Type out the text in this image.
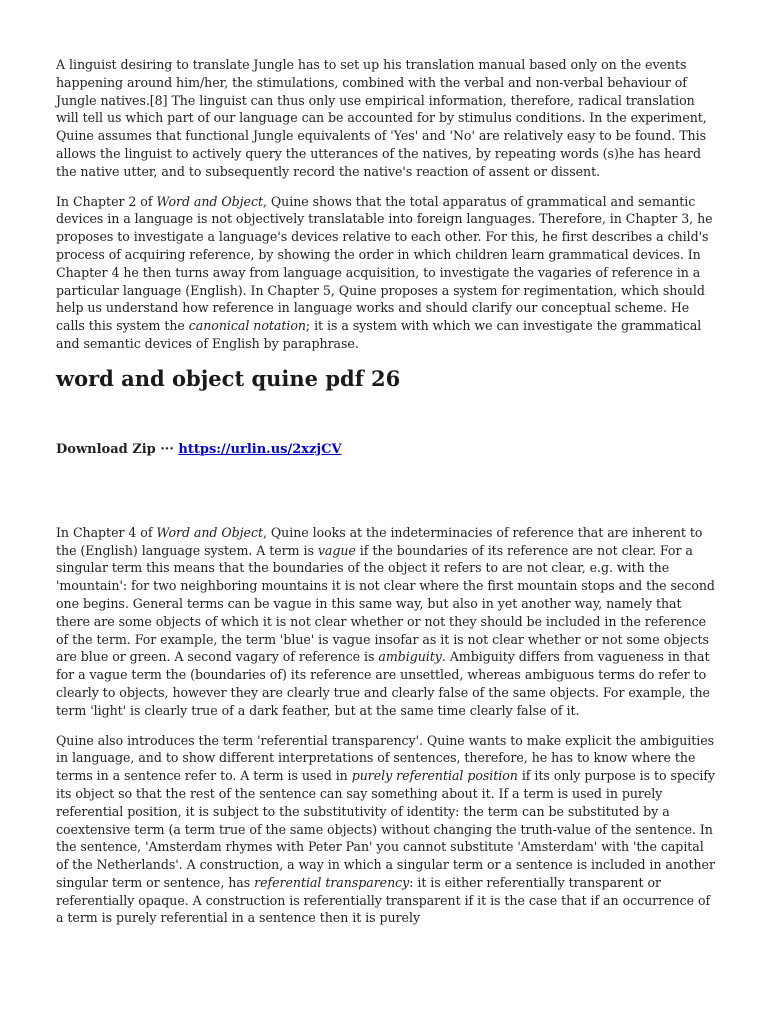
A linguist desiring to translate Jungle has to set up his translation manual based only on the events happening around him/her, the stimulations, combined with the verbal and non-verbal behaviour of Jungle natives.[8] The linguist can thus only use empirical information, therefore, radical translation will tell us which part of our language can be accounted for by stimulus conditions. In the experiment, Quine assumes that functional Jungle equivalents of 'Yes' and 'No' are relatively easy to be found. This allows the linguist to actively query the utterances of the natives, by repeating words (s)he has heard the native utter, and to subsequently record the native's reaction of assent or dissent.

In Chapter 2 of Word and Object, Quine shows that the total apparatus of grammatical and semantic devices in a language is not objectively translatable into foreign languages. Therefore, in Chapter 3, he proposes to investigate a language's devices relative to each other. For this, he first describes a child's process of acquiring reference, by showing the order in which children learn grammatical devices. In Chapter 4 he then turns away from language acquisition, to investigate the vagaries of reference in a particular language (English). In Chapter 5, Quine proposes a system for regimentation, which should help us understand how reference in language works and should clarify our conceptual scheme. He calls this system the canonical notation; it is a system with which we can investigate the grammatical and semantic devices of English by paraphrase.

word and object quine pdf 26
Download Zip ··· https://urlin.us/2xzjCV

In Chapter 4 of Word and Object, Quine looks at the indeterminacies of reference that are inherent to the (English) language system. A term is vague if the boundaries of its reference are not clear. For a singular term this means that the boundaries of the object it refers to are not clear, e.g. with the 'mountain': for two neighboring mountains it is not clear where the first mountain stops and the second one begins. General terms can be vague in this same way, but also in yet another way, namely that there are some objects of which it is not clear whether or not they should be included in the reference of the term. For example, the term 'blue' is vague insofar as it is not clear whether or not some objects are blue or green. A second vagary of reference is ambiguity. Ambiguity differs from vagueness in that for a vague term the (boundaries of) its reference are unsettled, whereas ambiguous terms do refer to clearly to objects, however they are clearly true and clearly false of the same objects. For example, the term 'light' is clearly true of a dark feather, but at the same time clearly false of it.

Quine also introduces the term 'referential transparency'. Quine wants to make explicit the ambiguities in language, and to show different interpretations of sentences, therefore, he has to know where the terms in a sentence refer to. A term is used in purely referential position if its only purpose is to specify its object so that the rest of the sentence can say something about it. If a term is used in purely referential position, it is subject to the substitutivity of identity: the term can be substituted by a coextensive term (a term true of the same objects) without changing the truth-value of the sentence. In the sentence, 'Amsterdam rhymes with Peter Pan' you cannot substitute 'Amsterdam' with 'the capital of the Netherlands'. A construction, a way in which a singular term or a sentence is included in another singular term or sentence, has referential transparency: it is either referentially transparent or referentially opaque. A construction is referentially transparent if it is the case that if an occurrence of a term is purely referential in a sentence then it is purely
